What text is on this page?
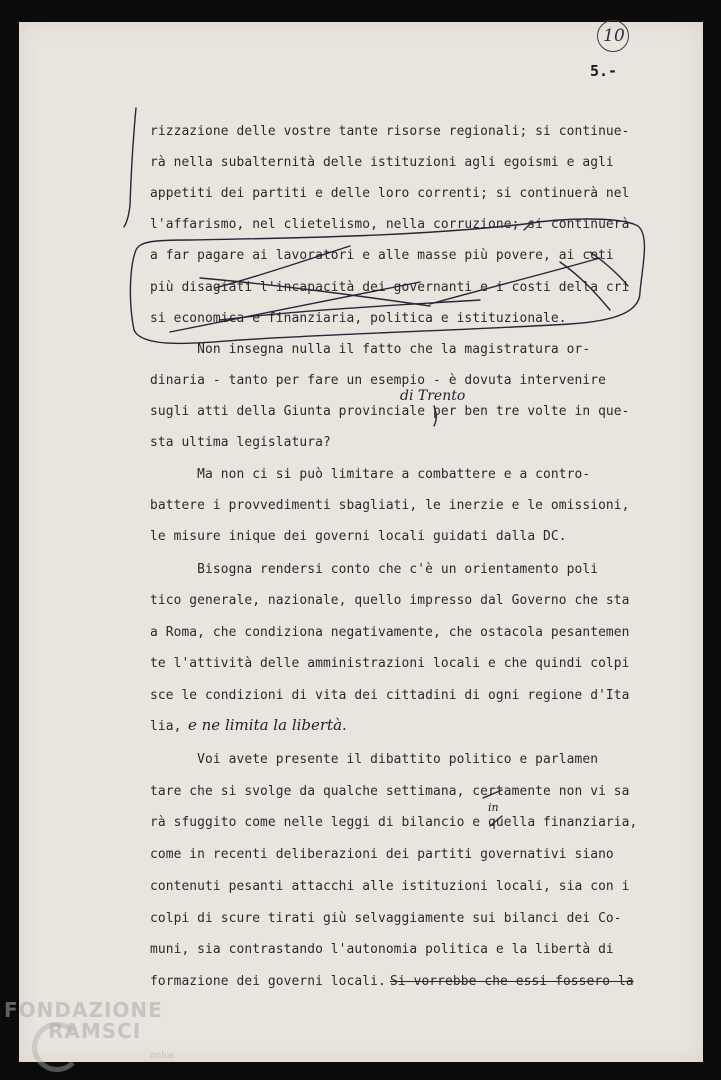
10
5.-
rizzazione delle vostre tante risorse regionali; si continue-
rà nella subalternità delle istituzioni agli egoismi e agli
appetiti dei partiti e delle loro correnti; si continuerà nel
l'affarismo, nel clietelismo, nella corruzione; si continuerà
a far pagare ai lavoratori e alle masse più povere, ai ceti
più disagiati l'incapacità dei governanti e i costi della cri
si economica e finanziaria, politica e istituzionale.
Non insegna nulla il fatto che la magistratura or-
dinaria - tanto per fare un esempio - è dovuta intervenire
sugli atti della Giunta provinciale per ben tre volte in que-
sta ultima legislatura?
Ma non ci si può limitare a combattere e a contro-
battere i provvedimenti sbagliati, le inerzie e le omissioni,
le misure inique dei governi locali guidati dalla DC.
Bisogna rendersi conto che c'è un orientamento poli
tico generale, nazionale, quello impresso dal Governo che sta
a Roma, che condiziona negativamente, che ostacola pesantemen
te l'attività delle amministrazioni locali e che quindi colpi
sce le condizioni di vita dei cittadini di ogni regione d'Ita
lia,
Voi avete presente il dibattito politico e parlamen
tare che si svolge da qualche settimana, certamente non vi sa
rà sfuggito come nelle leggi di bilancio e quella finanziaria,
come in recenti deliberazioni dei partiti governativi siano
contenuti pesanti attacchi alle istituzioni locali, sia con i
colpi di scure tirati giù selvaggiamente sui bilanci dei Co-
muni, sia contrastando l'autonomia politica e la libertà di
formazione dei governi locali. Si vorrebbe che essi fossero la
di Trento
e ne limita la libertà.
in
FONDAZIONE
RAMSCI
onlus
